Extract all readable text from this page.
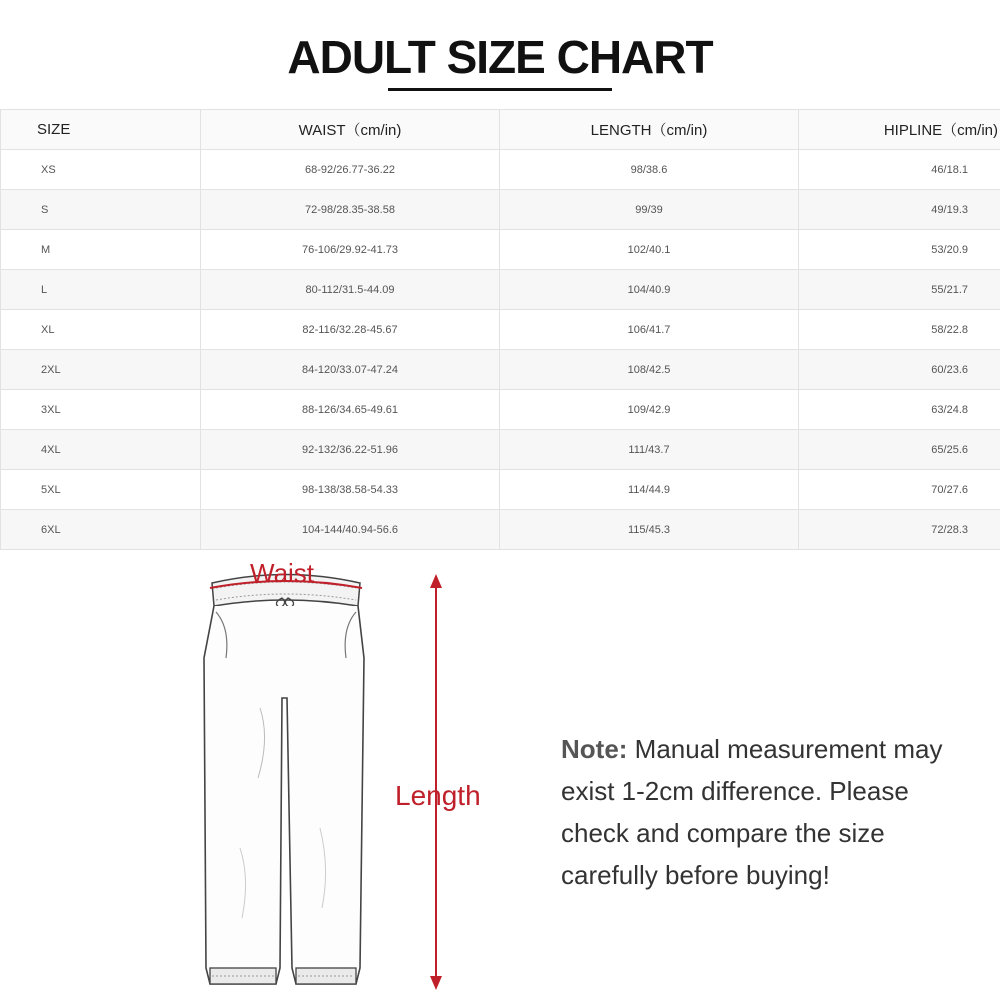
ADULT SIZE CHART
SIZE	WAIST（cm/in)	LENGTH（cm/in)	HIPLINE（cm/in)
XS	68-92/26.77-36.22	98/38.6	46/18.1
S	72-98/28.35-38.58	99/39	49/19.3
M	76-106/29.92-41.73	102/40.1	53/20.9
L	80-112/31.5-44.09	104/40.9	55/21.7
XL	82-116/32.28-45.67	106/41.7	58/22.8
2XL	84-120/33.07-47.24	108/42.5	60/23.6
3XL	88-126/34.65-49.61	109/42.9	63/24.8
4XL	92-132/36.22-51.96	111/43.7	65/25.6
5XL	98-138/38.58-54.33	114/44.9	70/27.6
6XL	104-144/40.94-56.6	115/45.3	72/28.3
Waist
Length
Note: Manual measurement may exist 1-2cm difference. Please check and compare the size carefully before buying!
